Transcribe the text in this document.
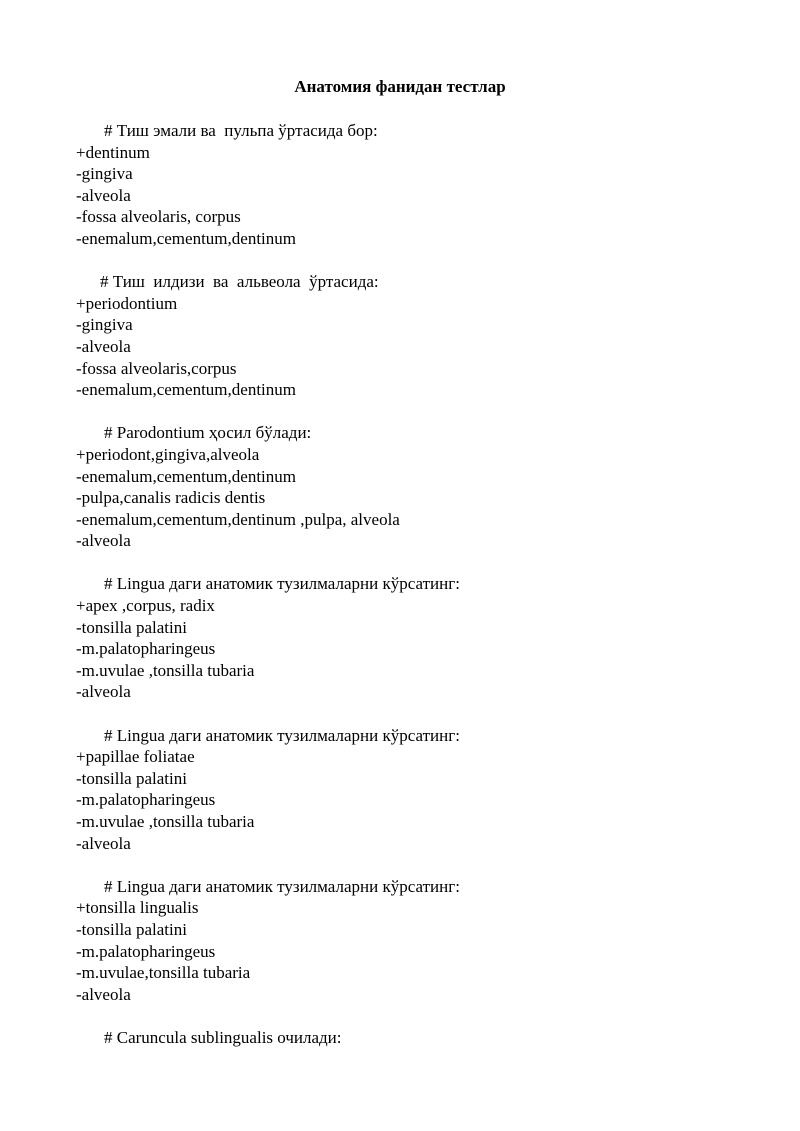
Анатомия фанидан тестлар
# Тиш эмали ва  пульпа ўртасида бор:
+dentinum
-gingiva
-alveola
-fossa alveolaris, corpus
-enemalum,cementum,dentinum
# Тиш  илдизи  ва  альвеола  ўртасида:
+periodontium
-gingiva
-alveola
-fossa alveolaris,corpus
-enemalum,cementum,dentinum
# Parodontium ҳосил бўлади:
+periodont,gingiva,alveola
-enemalum,cementum,dentinum
-pulpa,canalis radicis dentis
-enemalum,cementum,dentinum ,pulpa, alveola
-alveola
# Lingua даги анатомик тузилмаларни кўрсатинг:
+apex ,corpus, radix
-tonsilla palatini
-m.palatopharingeus
-m.uvulae ,tonsilla tubaria
-alveola
# Lingua даги анатомик тузилмаларни кўрсатинг:
+papillae foliatae
-tonsilla palatini
-m.palatopharingeus
-m.uvulae ,tonsilla tubaria
-alveola
# Lingua даги анатомик тузилмаларни кўрсатинг:
+tonsilla lingualis
-tonsilla palatini
-m.palatopharingeus
-m.uvulae,tonsilla tubaria
-alveola
# Caruncula sublingualis очилади:
